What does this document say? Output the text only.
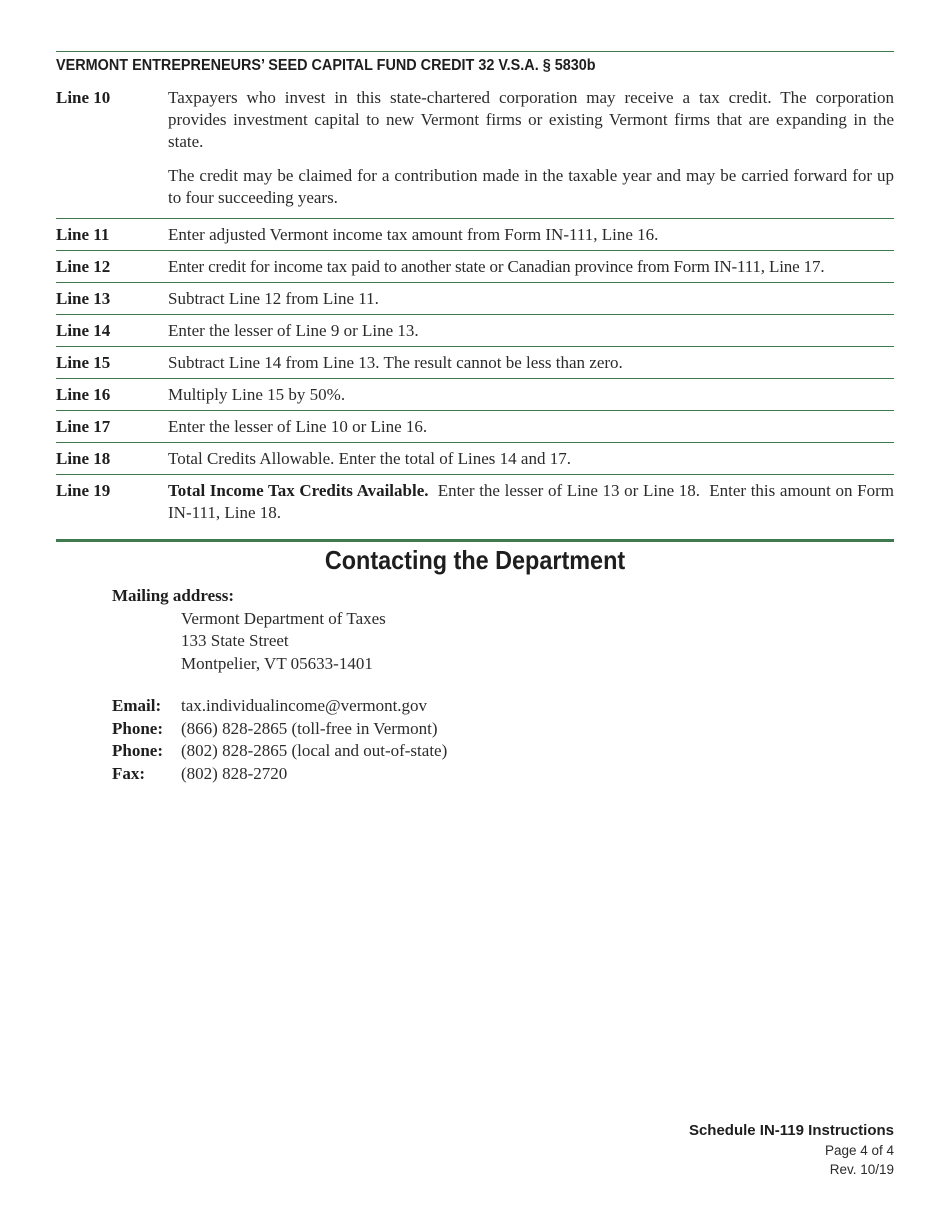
VERMONT ENTREPRENEURS’ SEED CAPITAL FUND CREDIT 32 V.S.A. § 5830b
Line 10	Taxpayers who invest in this state-chartered corporation may receive a tax credit. The corporation provides investment capital to new Vermont firms or existing Vermont firms that are expanding in the state.

The credit may be claimed for a contribution made in the taxable year and may be carried forward for up to four succeeding years.

Line 11	Enter adjusted Vermont income tax amount from Form IN-111, Line 16.
Line 12	Enter credit for income tax paid to another state or Canadian province from Form IN-111, Line 17.
Line 13	Subtract Line 12 from Line 11.
Line 14	Enter the lesser of Line 9 or Line 13.
Line 15	Subtract Line 14 from Line 13. The result cannot be less than zero.
Line 16	Multiply Line 15 by 50%.
Line 17	Enter the lesser of Line 10 or Line 16.
Line 18	Total Credits Allowable. Enter the total of Lines 14 and 17.
Line 19	Total Income Tax Credits Available.  Enter the lesser of Line 13 or Line 18.  Enter this amount on Form IN-111, Line 18.
Contacting the Department
Mailing address:
Vermont Department of Taxes
133 State Street
Montpelier, VT 05633-1401
Email:	tax.individualincome@vermont.gov
Phone:	(866) 828-2865 (toll-free in Vermont)
Phone:	(802) 828-2865 (local and out-of-state)
Fax:	(802) 828-2720
Schedule IN-119 Instructions
Page 4 of 4
Rev. 10/19
